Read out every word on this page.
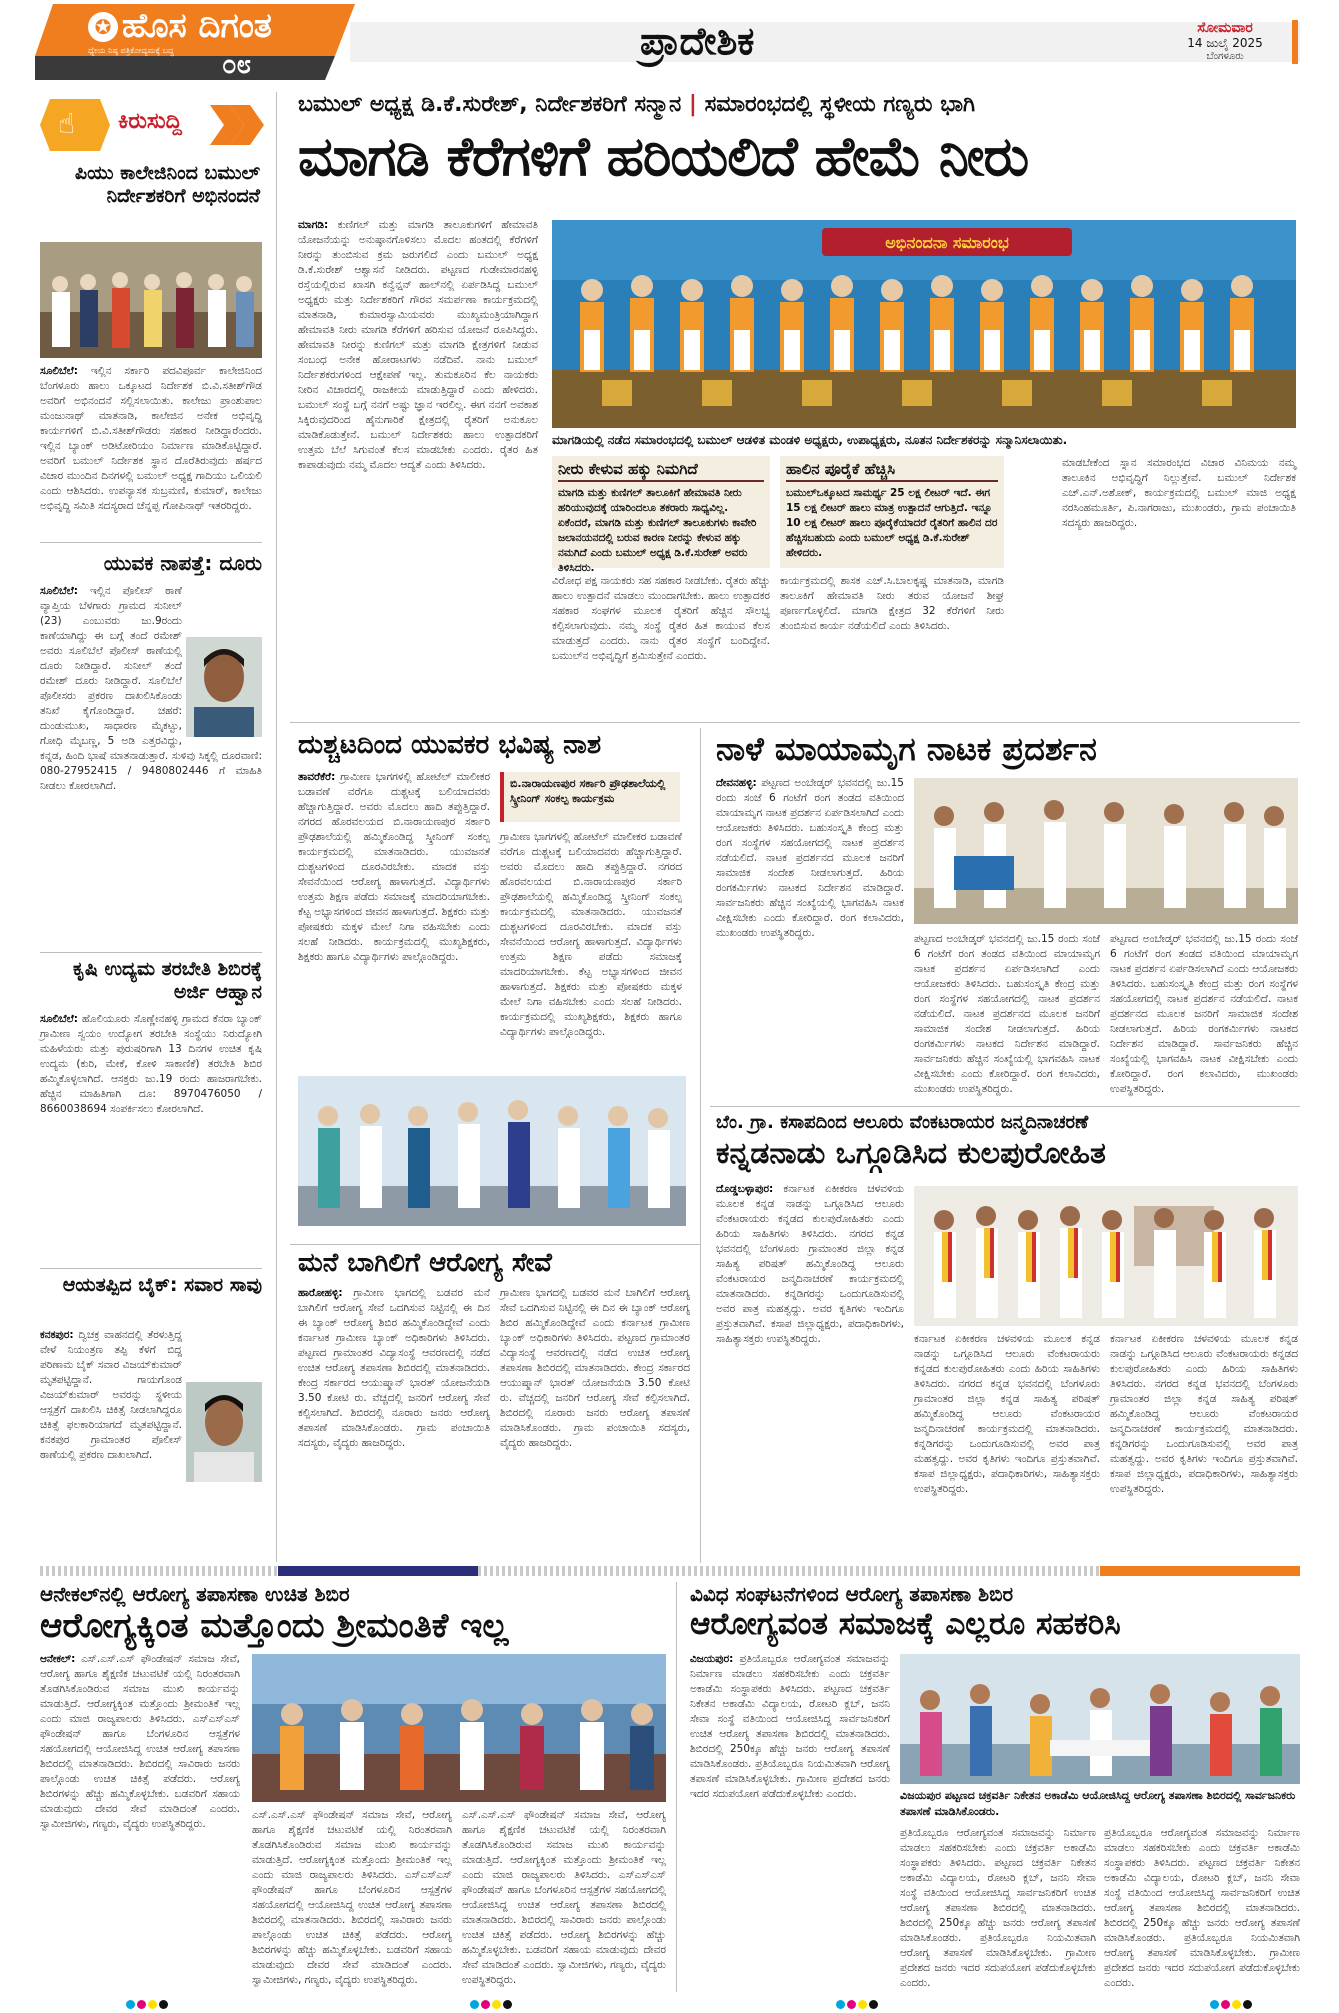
✪ ಹೊಸ ದಿಗಂತ
ಧ್ಯೇಯ ನಿಷ್ಠ ಪತ್ರಿಕೋದ್ಯಮಕ್ಕೆ ಬದ್ಧ ೦೮
ಪ್ರಾದೇಶಿಕ	ಸೋಮವಾರ
14 ಜುಲೈ 2025
ಬೆಂಗಳೂರು
☝ ಕಿರುಸುದ್ದಿ
ಪಿಯು ಕಾಲೇಜಿನಿಂದ ಬಮುಲ್ ನಿರ್ದೇಶಕರಿಗೆ ಅಭಿನಂದನೆ
ಸೂಲಿಬೆಲೆ: ಇಲ್ಲಿನ ಸರ್ಕಾರಿ ಪದವಿಪೂರ್ವ ಕಾಲೇಜಿನಿಂದ ಬೆಂಗಳೂರು ಹಾಲು ಒಕ್ಕೂಟದ ನಿರ್ದೇಶಕ ಬಿ.ವಿ.ಸತೀಶ್‌ಗೌಡ ಅವರಿಗೆ ಅಭಿನಂದನೆ ಸಲ್ಲಿಸಲಾಯಿತು. ಕಾಲೇಜು ಪ್ರಾಂಶುಪಾಲ ಮಂಜುನಾಥ್ ಮಾತನಾಡಿ, ಕಾಲೇಜಿನ ಅನೇಕ ಅಭಿವೃದ್ಧಿ ಕಾರ್ಯಗಳಿಗೆ ಬಿ.ವಿ.ಸತೀಶ್‌ಗೌಡರು ಸಹಕಾರ ನೀಡಿದ್ದಾರೆಂದರು. ಇಲ್ಲಿನ ಬ್ಯಾಂಕ್ ಅಡಿಟೋರಿಯಂ ನಿರ್ಮಾಣ ಮಾಡಿಕೊಟ್ಟಿದ್ದಾರೆ. ಅವರಿಗೆ ಬಮುಲ್ ನಿರ್ದೇಶಕ ಸ್ಥಾನ ದೊರೆತಿರುವುದು ಹರ್ಷದ ವಿಚಾರ ಮುಂದಿನ ದಿನಗಳಲ್ಲಿ ಬಮುಲ್ ಅಧ್ಯಕ್ಷ ಗಾದಿಯು ಒಲಿಯಲಿ ಎಂದು ಆಶಿಸಿದರು. ಉಪನ್ಯಾಸಕ ಸುಬ್ರಮಣಿ, ಕುಮಾರ್, ಕಾಲೇಜು ಅಭಿವೃದ್ಧಿ ಸಮಿತಿ ಸದಸ್ಯರಾದ ಚೆನ್ನಪ್ಪ ಗೋಪಿನಾಥ್ ಇತರರಿದ್ದರು.
ಯುವಕ ನಾಪತ್ತೆ: ದೂರು
ಸೂಲಿಬೆಲೆ: ಇಲ್ಲಿನ ಪೊಲೀಸ್ ಠಾಣೆ ವ್ಯಾಪ್ತಿಯ ಬೆಳಗಾರು ಗ್ರಾಮದ ಸುನೀಲ್ (23) ಎಂಬುವರು ಜು.9ರಂದು ಕಾಣೆಯಾಗಿದ್ದು ಈ ಬಗ್ಗೆ ತಂದೆ ರಮೇಶ್ ಅವರು ಸೂಲಿಬೆಲೆ ಪೊಲೀಸ್ ಠಾಣೆಯಲ್ಲಿ ದೂರು ನೀಡಿದ್ದಾರೆ. ಸುನೀಲ್ ತಂದೆ ರಮೇಶ್ ದೂರು ನೀಡಿದ್ದಾರೆ. ಸೂಲಿಬೆಲೆ ಪೊಲೀಸರು ಪ್ರಕರಣ ದಾಖಲಿಸಿಕೊಂಡು ತನಿಖೆ ಕೈಗೊಂಡಿದ್ದಾರೆ. ಚಹರೆ: ದುಂಡುಮುಖ, ಸಾಧಾರಣ ಮೈಕಟ್ಟು, ಗೋಧಿ ಮೈಬಣ್ಣ, 5 ಅಡಿ ಎತ್ತರವಿದ್ದು, ಕನ್ನಡ, ಹಿಂದಿ ಭಾಷೆ ಮಾತನಾಡುತ್ತಾರೆ. ಸುಳಿವು ಸಿಕ್ಕಲ್ಲಿ ದೂರವಾಣಿ: 080-27952415 / 9480802446 ಗೆ ಮಾಹಿತಿ ನೀಡಲು ಕೋರಲಾಗಿದೆ.
ಕೃಷಿ ಉದ್ಯಮ ತರಬೇತಿ ಶಿಬಿರಕ್ಕೆ ಅರ್ಜಿ ಆಹ್ವಾನ
ಸೂಲಿಬೆಲೆ: ಹೊಲಿಯೂರು ಸೊಣ್ಣೇನಹಳ್ಳಿ ಗ್ರಾಮದ ಕೆನರಾ ಬ್ಯಾಂಕ್ ಗ್ರಾಮೀಣ ಸ್ವಯಂ ಉದ್ಯೋಗ ತರಬೇತಿ ಸಂಸ್ಥೆಯು ನಿರುದ್ಯೋಗಿ ಮಹಿಳೆಯರು ಮತ್ತು ಪುರುಷರಿಗಾಗಿ 13 ದಿನಗಳ ಉಚಿತ ಕೃಷಿ ಉದ್ಯಮ (ಕುರಿ, ಮೇಕೆ, ಕೋಳಿ ಸಾಕಾಣಿಕೆ) ತರಬೇತಿ ಶಿಬಿರ ಹಮ್ಮಿಕೊಳ್ಳಲಾಗಿದೆ. ಆಸಕ್ತರು ಜು.19 ರಂದು ಹಾಜರಾಗಬೇಕು. ಹೆಚ್ಚಿನ ಮಾಹಿತಿಗಾಗಿ ದೂ: 8970476050 / 8660038694 ಸಂಪರ್ಕಿಸಲು ಕೋರಲಾಗಿದೆ.
ಆಯತಪ್ಪಿದ ಬೈಕ್: ಸವಾರ ಸಾವು
ಕನಕಪುರ: ದ್ವಿಚಕ್ರ ವಾಹನದಲ್ಲಿ ತೆರಳುತ್ತಿದ್ದ ವೇಳೆ ನಿಯಂತ್ರಣ ತಪ್ಪಿ ಕೆಳಗೆ ಬಿದ್ದ ಪರಿಣಾಮ ಬೈಕ್ ಸವಾರ ವಿಜಯ್‌ಕುಮಾರ್ ಮೃತಪಟ್ಟಿದ್ದಾನೆ. ಗಾಯಗೊಂಡ ವಿಜಯ್‌ಕುಮಾರ್ ಅವರನ್ನು ಸ್ಥಳೀಯ ಆಸ್ಪತ್ರೆಗೆ ದಾಖಲಿಸಿ ಚಿಕಿತ್ಸೆ ನೀಡಲಾಗಿದ್ದರೂ ಚಿಕಿತ್ಸೆ ಫಲಕಾರಿಯಾಗದೆ ಮೃತಪಟ್ಟಿದ್ದಾನೆ. ಕನಕಪುರ ಗ್ರಾಮಾಂತರ ಪೊಲೀಸ್ ಠಾಣೆಯಲ್ಲಿ ಪ್ರಕರಣ ದಾಖಲಾಗಿದೆ.
ಬಮುಲ್ ಅಧ್ಯಕ್ಷ ಡಿ.ಕೆ.ಸುರೇಶ್, ನಿರ್ದೇಶಕರಿಗೆ ಸನ್ಮಾನ | ಸಮಾರಂಭದಲ್ಲಿ ಸ್ಥಳೀಯ ಗಣ್ಯರು ಭಾಗಿ
ಮಾಗಡಿ ಕೆರೆಗಳಿಗೆ ಹರಿಯಲಿದೆ ಹೇಮೆ ನೀರು
ಮಾಗಡಿ: ಕುಣಿಗಲ್ ಮತ್ತು ಮಾಗಡಿ ತಾಲೂಕುಗಳಿಗೆ ಹೇಮಾವತಿ ಯೋಜನೆಯನ್ನು ಅನುಷ್ಠಾನಗೊಳಿಸಲು ಮೊದಲ ಹಂತದಲ್ಲಿ ಕೆರೆಗಳಿಗೆ ನೀರನ್ನು ತುಂಬಿಸುವ ಕ್ರಮ ಜರುಗಲಿದೆ ಎಂದು ಬಮುಲ್ ಅಧ್ಯಕ್ಷ ಡಿ.ಕೆ.ಸುರೇಶ್ ಆಶ್ವಾಸನೆ ನೀಡಿದರು. ಪಟ್ಟಣದ ಗುಡೇಮಾರನಹಳ್ಳಿ ರಸ್ತೆಯಲ್ಲಿರುವ ಖಾಸಗಿ ಕನ್ವೆನ್ಷನ್ ಹಾಲ್‌ನಲ್ಲಿ ಏರ್ಪಡಿಸಿದ್ದ ಬಮುಲ್ ಅಧ್ಯಕ್ಷರು ಮತ್ತು ನಿರ್ದೇಶಕರಿಗೆ ಗೌರವ ಸಮರ್ಪಣಾ ಕಾರ್ಯಕ್ರಮದಲ್ಲಿ ಮಾತನಾಡಿ, ಕುಮಾರಸ್ವಾಮಿಯವರು ಮುಖ್ಯಮಂತ್ರಿಯಾಗಿದ್ದಾಗ ಹೇಮಾವತಿ ನೀರು ಮಾಗಡಿ ಕೆರೆಗಳಿಗೆ ಹರಿಸುವ ಯೋಜನೆ ರೂಪಿಸಿದ್ದರು. ಹೇಮಾವತಿ ನೀರನ್ನು ಕುಣಿಗಲ್ ಮತ್ತು ಮಾಗಡಿ ಕ್ಷೇತ್ರಗಳಿಗೆ ನೀಡುವ ಸಂಬಂಧ ಅನೇಕ ಹೋರಾಟಗಳು ನಡೆದಿವೆ. ನಾನು ಬಮುಲ್ ನಿರ್ದೇಶಕರುಗಳಿಂದ ಆಕ್ಷೇಪಣೆ ಇಲ್ಲ. ತುಮಕೂರಿನ ಕೆಲ ನಾಯಕರು ನೀರಿನ ವಿಚಾರದಲ್ಲಿ ರಾಜಕೀಯ ಮಾಡುತ್ತಿದ್ದಾರೆ ಎಂದು ಹೇಳಿದರು. ಬಮುಲ್ ಸಂಸ್ಥೆ ಬಗ್ಗೆ ನನಗೆ ಅಷ್ಟು ಜ್ಞಾನ ಇರಲಿಲ್ಲ. ಈಗ ನನಗೆ ಅವಕಾಶ ಸಿಕ್ಕಿರುವುದರಿಂದ ಹೈನುಗಾರಿಕೆ ಕ್ಷೇತ್ರದಲ್ಲಿ ರೈತರಿಗೆ ಅನುಕೂಲ ಮಾಡಿಕೊಡುತ್ತೇನೆ. ಬಮುಲ್ ನಿರ್ದೇಶಕರು ಹಾಲು ಉತ್ಪಾದಕರಿಗೆ ಉತ್ತಮ ಬೆಲೆ ಸಿಗುವಂತೆ ಕೆಲಸ ಮಾಡಬೇಕು ಎಂದರು. ರೈತರ ಹಿತ ಕಾಪಾಡುವುದು ನಮ್ಮ ಮೊದಲ ಆದ್ಯತೆ ಎಂದು ತಿಳಿಸಿದರು.
ಅಭಿನಂದನಾ ಸಮಾರಂಭ
ಮಾಗಡಿಯಲ್ಲಿ ನಡೆದ ಸಮಾರಂಭದಲ್ಲಿ ಬಮುಲ್ ಆಡಳಿತ ಮಂಡಳಿ ಅಧ್ಯಕ್ಷರು, ಉಪಾಧ್ಯಕ್ಷರು, ನೂತನ ನಿರ್ದೇಶಕರನ್ನು ಸನ್ಮಾನಿಸಲಾಯಿತು.
ನೀರು ಕೇಳುವ ಹಕ್ಕು ನಿಮಗಿದೆ
ಮಾಗಡಿ ಮತ್ತು ಕುಣಿಗಲ್ ತಾಲೂಕಿಗೆ ಹೇಮಾವತಿ ನೀರು ಹರಿಯುವುದಕ್ಕೆ ಯಾರಿಂದಲೂ ತಕರಾರು ಸಾಧ್ಯವಿಲ್ಲ. ಏಕೆಂದರೆ, ಮಾಗಡಿ ಮತ್ತು ಕುಣಿಗಲ್ ತಾಲೂಕುಗಳು ಕಾವೇರಿ ಜಲಾನಯನದಲ್ಲಿ ಬರುವ ಕಾರಣ ನೀರನ್ನು ಕೇಳುವ ಹಕ್ಕು ನಮಗಿದೆ ಎಂದು ಬಮುಲ್ ಅಧ್ಯಕ್ಷ ಡಿ.ಕೆ.ಸುರೇಶ್ ಅವರು ತಿಳಿಸಿದರು.
ಹಾಲಿನ ಪೂರೈಕೆ ಹೆಚ್ಚಿಸಿ
ಬಮುಲ್‌ಒಕ್ಕೂಟದ ಸಾಮರ್ಥ್ಯ 25 ಲಕ್ಷ ಲೀಟರ್ ಇದೆ. ಈಗ 15 ಲಕ್ಷ ಲೀಟರ್ ಹಾಲು ಮಾತ್ರ ಉತ್ಪಾದನೆ ಆಗುತ್ತಿದೆ. ಇನ್ನೂ 10 ಲಕ್ಷ ಲೀಟರ್ ಹಾಲು ಪೂರೈಕೆಯಾದರೆ ರೈತರಿಗೆ ಹಾಲಿನ ದರ ಹೆಚ್ಚಿಸಬಹುದು ಎಂದು ಬಮುಲ್ ಅಧ್ಯಕ್ಷ ಡಿ.ಕೆ.ಸುರೇಶ್ ಹೇಳಿದರು.
ವಿರೋಧ ಪಕ್ಷ ನಾಯಕರು ಸಹ ಸಹಕಾರ ನೀಡಬೇಕು. ರೈತರು ಹೆಚ್ಚು ಹಾಲು ಉತ್ಪಾದನೆ ಮಾಡಲು ಮುಂದಾಗಬೇಕು. ಹಾಲು ಉತ್ಪಾದಕರ ಸಹಕಾರ ಸಂಘಗಳ ಮೂಲಕ ರೈತರಿಗೆ ಹೆಚ್ಚಿನ ಸೌಲಭ್ಯ ಕಲ್ಪಿಸಲಾಗುವುದು. ನಮ್ಮ ಸಂಸ್ಥೆ ರೈತರ ಹಿತ ಕಾಯುವ ಕೆಲಸ ಮಾಡುತ್ತದೆ ಎಂದರು. ನಾನು ರೈತರ ಸಂಸ್ಥೆಗೆ ಬಂದಿದ್ದೇನೆ. ಬಮುಲ್‌ನ ಅಭಿವೃದ್ಧಿಗೆ ಶ್ರಮಿಸುತ್ತೇನೆ ಎಂದರು.
ಕಾರ್ಯಕ್ರಮದಲ್ಲಿ ಶಾಸಕ ಎಚ್.ಸಿ.ಬಾಲಕೃಷ್ಣ ಮಾತನಾಡಿ, ಮಾಗಡಿ ತಾಲೂಕಿಗೆ ಹೇಮಾವತಿ ನೀರು ತರುವ ಯೋಜನೆ ಶೀಘ್ರ ಪೂರ್ಣಗೊಳ್ಳಲಿದೆ. ಮಾಗಡಿ ಕ್ಷೇತ್ರದ 32 ಕೆರೆಗಳಿಗೆ ನೀರು ತುಂಬಿಸುವ ಕಾರ್ಯ ನಡೆಯಲಿದೆ ಎಂದು ತಿಳಿಸಿದರು.
ಮಾಡಬೇಕೆಂದ ಸ್ನಾನ ಸಮಾರಂಭದ ವಿಚಾರ ವಿನಿಮಯ ನಮ್ಮ ತಾಲೂಕಿನ ಅಭಿವೃದ್ಧಿಗೆ ನಿಲ್ಲುತ್ತೇವೆ. ಬಮುಲ್ ನಿರ್ದೇಶಕ ಎಚ್.ಎನ್.ಅಶೋಕ್, ಕಾರ್ಯಕ್ರಮದಲ್ಲಿ ಬಮುಲ್ ಮಾಜಿ ಅಧ್ಯಕ್ಷ ನರಸಿಂಹಮೂರ್ತಿ, ಪಿ.ನಾಗರಾಜು, ಮುಖಂಡರು, ಗ್ರಾಮ ಪಂಚಾಯಿತಿ ಸದಸ್ಯರು ಹಾಜರಿದ್ದರು.
ದುಶ್ಚಟದಿಂದ ಯುವಕರ ಭವಿಷ್ಯ ನಾಶ
ತಾವರೆಕೆರೆ: ಗ್ರಾಮೀಣ ಭಾಗಗಳಲ್ಲಿ ಹೋಟೆಲ್ ಮಾಲೀಕರ ಬಡಾವಣೆ ವರೆಗೂ ದುಶ್ಚಟಕ್ಕೆ ಬಲಿಯಾದವರು ಹೆಚ್ಚಾಗುತ್ತಿದ್ದಾರೆ. ಅವರು ಮೊದಲು ಹಾದಿ ತಪ್ಪುತ್ತಿದ್ದಾರೆ. ನಗರದ ಹೊರವಲಯದ ಬಿ.ನಾರಾಯಣಪುರ ಸರ್ಕಾರಿ ಪ್ರೌಢಶಾಲೆಯಲ್ಲಿ ಹಮ್ಮಿಕೊಂಡಿದ್ದ ಸ್ಕ್ರೀನಿಂಗ್ ಸಂಕಲ್ಪ ಕಾರ್ಯಕ್ರಮದಲ್ಲಿ ಮಾತನಾಡಿದರು. ಯುವಜನತೆ ದುಶ್ಚಟಗಳಿಂದ ದೂರವಿರಬೇಕು. ಮಾದಕ ವಸ್ತು ಸೇವನೆಯಿಂದ ಆರೋಗ್ಯ ಹಾಳಾಗುತ್ತದೆ. ವಿದ್ಯಾರ್ಥಿಗಳು ಉತ್ತಮ ಶಿಕ್ಷಣ ಪಡೆದು ಸಮಾಜಕ್ಕೆ ಮಾದರಿಯಾಗಬೇಕು. ಕೆಟ್ಟ ಅಭ್ಯಾಸಗಳಿಂದ ಜೀವನ ಹಾಳಾಗುತ್ತದೆ. ಶಿಕ್ಷಕರು ಮತ್ತು ಪೋಷಕರು ಮಕ್ಕಳ ಮೇಲೆ ನಿಗಾ ವಹಿಸಬೇಕು ಎಂದು ಸಲಹೆ ನೀಡಿದರು. ಕಾರ್ಯಕ್ರಮದಲ್ಲಿ ಮುಖ್ಯಶಿಕ್ಷಕರು, ಶಿಕ್ಷಕರು ಹಾಗೂ ವಿದ್ಯಾರ್ಥಿಗಳು ಪಾಲ್ಗೊಂಡಿದ್ದರು.
ಬಿ.ನಾರಾಯಣಪುರ ಸರ್ಕಾರಿ ಪ್ರೌಢಶಾಲೆಯಲ್ಲಿ ಸ್ಕ್ರೀನಿಂಗ್ ಸಂಕಲ್ಪ ಕಾರ್ಯಕ್ರಮ
ಗ್ರಾಮೀಣ ಭಾಗಗಳಲ್ಲಿ ಹೋಟೆಲ್ ಮಾಲೀಕರ ಬಡಾವಣೆ ವರೆಗೂ ದುಶ್ಚಟಕ್ಕೆ ಬಲಿಯಾದವರು ಹೆಚ್ಚಾಗುತ್ತಿದ್ದಾರೆ. ಅವರು ಮೊದಲು ಹಾದಿ ತಪ್ಪುತ್ತಿದ್ದಾರೆ. ನಗರದ ಹೊರವಲಯದ ಬಿ.ನಾರಾಯಣಪುರ ಸರ್ಕಾರಿ ಪ್ರೌಢಶಾಲೆಯಲ್ಲಿ ಹಮ್ಮಿಕೊಂಡಿದ್ದ ಸ್ಕ್ರೀನಿಂಗ್ ಸಂಕಲ್ಪ ಕಾರ್ಯಕ್ರಮದಲ್ಲಿ ಮಾತನಾಡಿದರು. ಯುವಜನತೆ ದುಶ್ಚಟಗಳಿಂದ ದೂರವಿರಬೇಕು. ಮಾದಕ ವಸ್ತು ಸೇವನೆಯಿಂದ ಆರೋಗ್ಯ ಹಾಳಾಗುತ್ತದೆ. ವಿದ್ಯಾರ್ಥಿಗಳು ಉತ್ತಮ ಶಿಕ್ಷಣ ಪಡೆದು ಸಮಾಜಕ್ಕೆ ಮಾದರಿಯಾಗಬೇಕು. ಕೆಟ್ಟ ಅಭ್ಯಾಸಗಳಿಂದ ಜೀವನ ಹಾಳಾಗುತ್ತದೆ. ಶಿಕ್ಷಕರು ಮತ್ತು ಪೋಷಕರು ಮಕ್ಕಳ ಮೇಲೆ ನಿಗಾ ವಹಿಸಬೇಕು ಎಂದು ಸಲಹೆ ನೀಡಿದರು. ಕಾರ್ಯಕ್ರಮದಲ್ಲಿ ಮುಖ್ಯಶಿಕ್ಷಕರು, ಶಿಕ್ಷಕರು ಹಾಗೂ ವಿದ್ಯಾರ್ಥಿಗಳು ಪಾಲ್ಗೊಂಡಿದ್ದರು.
ಮನೆ ಬಾಗಿಲಿಗೆ ಆರೋಗ್ಯ ಸೇವೆ
ಹಾರೋಹಳ್ಳಿ: ಗ್ರಾಮೀಣ ಭಾಗದಲ್ಲಿ ಬಡವರ ಮನೆ ಬಾಗಿಲಿಗೆ ಆರೋಗ್ಯ ಸೇವೆ ಒದಗಿಸುವ ನಿಟ್ಟಿನಲ್ಲಿ ಈ ದಿನ ಈ ಬ್ಯಾಂಕ್ ಆರೋಗ್ಯ ಶಿಬಿರ ಹಮ್ಮಿಕೊಂಡಿದ್ದೇವೆ ಎಂದು ಕರ್ನಾಟಕ ಗ್ರಾಮೀಣ ಬ್ಯಾಂಕ್ ಅಧಿಕಾರಿಗಳು ತಿಳಿಸಿದರು. ಪಟ್ಟಣದ ಗ್ರಾಮಾಂತರ ವಿದ್ಯಾಸಂಸ್ಥೆ ಆವರಣದಲ್ಲಿ ನಡೆದ ಉಚಿತ ಆರೋಗ್ಯ ತಪಾಸಣಾ ಶಿಬಿರದಲ್ಲಿ ಮಾತನಾಡಿದರು. ಕೇಂದ್ರ ಸರ್ಕಾರದ ಆಯುಷ್ಮಾನ್ ಭಾರತ್ ಯೋಜನೆಯಡಿ 3.50 ಕೋಟಿ ರು. ವೆಚ್ಚದಲ್ಲಿ ಜನರಿಗೆ ಆರೋಗ್ಯ ಸೇವೆ ಕಲ್ಪಿಸಲಾಗಿದೆ. ಶಿಬಿರದಲ್ಲಿ ನೂರಾರು ಜನರು ಆರೋಗ್ಯ ತಪಾಸಣೆ ಮಾಡಿಸಿಕೊಂಡರು. ಗ್ರಾಮ ಪಂಚಾಯಿತಿ ಸದಸ್ಯರು, ವೈದ್ಯರು ಹಾಜರಿದ್ದರು.
ಗ್ರಾಮೀಣ ಭಾಗದಲ್ಲಿ ಬಡವರ ಮನೆ ಬಾಗಿಲಿಗೆ ಆರೋಗ್ಯ ಸೇವೆ ಒದಗಿಸುವ ನಿಟ್ಟಿನಲ್ಲಿ ಈ ದಿನ ಈ ಬ್ಯಾಂಕ್ ಆರೋಗ್ಯ ಶಿಬಿರ ಹಮ್ಮಿಕೊಂಡಿದ್ದೇವೆ ಎಂದು ಕರ್ನಾಟಕ ಗ್ರಾಮೀಣ ಬ್ಯಾಂಕ್ ಅಧಿಕಾರಿಗಳು ತಿಳಿಸಿದರು. ಪಟ್ಟಣದ ಗ್ರಾಮಾಂತರ ವಿದ್ಯಾಸಂಸ್ಥೆ ಆವರಣದಲ್ಲಿ ನಡೆದ ಉಚಿತ ಆರೋಗ್ಯ ತಪಾಸಣಾ ಶಿಬಿರದಲ್ಲಿ ಮಾತನಾಡಿದರು. ಕೇಂದ್ರ ಸರ್ಕಾರದ ಆಯುಷ್ಮಾನ್ ಭಾರತ್ ಯೋಜನೆಯಡಿ 3.50 ಕೋಟಿ ರು. ವೆಚ್ಚದಲ್ಲಿ ಜನರಿಗೆ ಆರೋಗ್ಯ ಸೇವೆ ಕಲ್ಪಿಸಲಾಗಿದೆ. ಶಿಬಿರದಲ್ಲಿ ನೂರಾರು ಜನರು ಆರೋಗ್ಯ ತಪಾಸಣೆ ಮಾಡಿಸಿಕೊಂಡರು. ಗ್ರಾಮ ಪಂಚಾಯಿತಿ ಸದಸ್ಯರು, ವೈದ್ಯರು ಹಾಜರಿದ್ದರು.
ನಾಳೆ ಮಾಯಾಮೃಗ ನಾಟಕ ಪ್ರದರ್ಶನ
ದೇವನಹಳ್ಳಿ: ಪಟ್ಟಣದ ಅಂಬೇಡ್ಕರ್ ಭವನದಲ್ಲಿ ಜು.15 ರಂದು ಸಂಜೆ 6 ಗಂಟೆಗೆ ರಂಗ ತಂಡದ ವತಿಯಿಂದ ಮಾಯಾಮೃಗ ನಾಟಕ ಪ್ರದರ್ಶನ ಏರ್ಪಡಿಸಲಾಗಿದೆ ಎಂದು ಆಯೋಜಕರು ತಿಳಿಸಿದರು. ಬಹುಸಂಸ್ಕೃತಿ ಕೇಂದ್ರ ಮತ್ತು ರಂಗ ಸಂಸ್ಥೆಗಳ ಸಹಯೋಗದಲ್ಲಿ ನಾಟಕ ಪ್ರದರ್ಶನ ನಡೆಯಲಿದೆ. ನಾಟಕ ಪ್ರದರ್ಶನದ ಮೂಲಕ ಜನರಿಗೆ ಸಾಮಾಜಿಕ ಸಂದೇಶ ನೀಡಲಾಗುತ್ತದೆ. ಹಿರಿಯ ರಂಗಕರ್ಮಿಗಳು ನಾಟಕದ ನಿರ್ದೇಶನ ಮಾಡಿದ್ದಾರೆ. ಸಾರ್ವಜನಿಕರು ಹೆಚ್ಚಿನ ಸಂಖ್ಯೆಯಲ್ಲಿ ಭಾಗವಹಿಸಿ ನಾಟಕ ವೀಕ್ಷಿಸಬೇಕು ಎಂದು ಕೋರಿದ್ದಾರೆ. ರಂಗ ಕಲಾವಿದರು, ಮುಖಂಡರು ಉಪಸ್ಥಿತರಿದ್ದರು.	ಪಟ್ಟಣದ ಅಂಬೇಡ್ಕರ್ ಭವನದಲ್ಲಿ ಜು.15 ರಂದು ಸಂಜೆ 6 ಗಂಟೆಗೆ ರಂಗ ತಂಡದ ವತಿಯಿಂದ ಮಾಯಾಮೃಗ ನಾಟಕ ಪ್ರದರ್ಶನ ಏರ್ಪಡಿಸಲಾಗಿದೆ ಎಂದು ಆಯೋಜಕರು ತಿಳಿಸಿದರು. ಬಹುಸಂಸ್ಕೃತಿ ಕೇಂದ್ರ ಮತ್ತು ರಂಗ ಸಂಸ್ಥೆಗಳ ಸಹಯೋಗದಲ್ಲಿ ನಾಟಕ ಪ್ರದರ್ಶನ ನಡೆಯಲಿದೆ. ನಾಟಕ ಪ್ರದರ್ಶನದ ಮೂಲಕ ಜನರಿಗೆ ಸಾಮಾಜಿಕ ಸಂದೇಶ ನೀಡಲಾಗುತ್ತದೆ. ಹಿರಿಯ ರಂಗಕರ್ಮಿಗಳು ನಾಟಕದ ನಿರ್ದೇಶನ ಮಾಡಿದ್ದಾರೆ. ಸಾರ್ವಜನಿಕರು ಹೆಚ್ಚಿನ ಸಂಖ್ಯೆಯಲ್ಲಿ ಭಾಗವಹಿಸಿ ನಾಟಕ ವೀಕ್ಷಿಸಬೇಕು ಎಂದು ಕೋರಿದ್ದಾರೆ. ರಂಗ ಕಲಾವಿದರು, ಮುಖಂಡರು ಉಪಸ್ಥಿತರಿದ್ದರು.
ಪಟ್ಟಣದ ಅಂಬೇಡ್ಕರ್ ಭವನದಲ್ಲಿ ಜು.15 ರಂದು ಸಂಜೆ 6 ಗಂಟೆಗೆ ರಂಗ ತಂಡದ ವತಿಯಿಂದ ಮಾಯಾಮೃಗ ನಾಟಕ ಪ್ರದರ್ಶನ ಏರ್ಪಡಿಸಲಾಗಿದೆ ಎಂದು ಆಯೋಜಕರು ತಿಳಿಸಿದರು. ಬಹುಸಂಸ್ಕೃತಿ ಕೇಂದ್ರ ಮತ್ತು ರಂಗ ಸಂಸ್ಥೆಗಳ ಸಹಯೋಗದಲ್ಲಿ ನಾಟಕ ಪ್ರದರ್ಶನ ನಡೆಯಲಿದೆ. ನಾಟಕ ಪ್ರದರ್ಶನದ ಮೂಲಕ ಜನರಿಗೆ ಸಾಮಾಜಿಕ ಸಂದೇಶ ನೀಡಲಾಗುತ್ತದೆ. ಹಿರಿಯ ರಂಗಕರ್ಮಿಗಳು ನಾಟಕದ ನಿರ್ದೇಶನ ಮಾಡಿದ್ದಾರೆ. ಸಾರ್ವಜನಿಕರು ಹೆಚ್ಚಿನ ಸಂಖ್ಯೆಯಲ್ಲಿ ಭಾಗವಹಿಸಿ ನಾಟಕ ವೀಕ್ಷಿಸಬೇಕು ಎಂದು ಕೋರಿದ್ದಾರೆ. ರಂಗ ಕಲಾವಿದರು, ಮುಖಂಡರು ಉಪಸ್ಥಿತರಿದ್ದರು.
ಬೆಂ. ಗ್ರಾ. ಕಸಾಪದಿಂದ ಆಲೂರು ವೆಂಕಟರಾಯರ ಜನ್ಮದಿನಾಚರಣೆ
ಕನ್ನಡನಾಡು ಒಗ್ಗೂಡಿಸಿದ ಕುಲಪುರೋಹಿತ
ದೊಡ್ಡಬಳ್ಳಾಪುರ: ಕರ್ನಾಟಕ ಏಕೀಕರಣ ಚಳವಳಿಯ ಮೂಲಕ ಕನ್ನಡ ನಾಡನ್ನು ಒಗ್ಗೂಡಿಸಿದ ಆಲೂರು ವೆಂಕಟರಾಯರು ಕನ್ನಡದ ಕುಲಪುರೋಹಿತರು ಎಂದು ಹಿರಿಯ ಸಾಹಿತಿಗಳು ತಿಳಿಸಿದರು. ನಗರದ ಕನ್ನಡ ಭವನದಲ್ಲಿ ಬೆಂಗಳೂರು ಗ್ರಾಮಾಂತರ ಜಿಲ್ಲಾ ಕನ್ನಡ ಸಾಹಿತ್ಯ ಪರಿಷತ್ ಹಮ್ಮಿಕೊಂಡಿದ್ದ ಆಲೂರು ವೆಂಕಟರಾಯರ ಜನ್ಮದಿನಾಚರಣೆ ಕಾರ್ಯಕ್ರಮದಲ್ಲಿ ಮಾತನಾಡಿದರು. ಕನ್ನಡಿಗರನ್ನು ಒಂದುಗೂಡಿಸುವಲ್ಲಿ ಅವರ ಪಾತ್ರ ಮಹತ್ವದ್ದು. ಅವರ ಕೃತಿಗಳು ಇಂದಿಗೂ ಪ್ರಸ್ತುತವಾಗಿವೆ. ಕಸಾಪ ಜಿಲ್ಲಾಧ್ಯಕ್ಷರು, ಪದಾಧಿಕಾರಿಗಳು, ಸಾಹಿತ್ಯಾಸಕ್ತರು ಉಪಸ್ಥಿತರಿದ್ದರು.	ಕರ್ನಾಟಕ ಏಕೀಕರಣ ಚಳವಳಿಯ ಮೂಲಕ ಕನ್ನಡ ನಾಡನ್ನು ಒಗ್ಗೂಡಿಸಿದ ಆಲೂರು ವೆಂಕಟರಾಯರು ಕನ್ನಡದ ಕುಲಪುರೋಹಿತರು ಎಂದು ಹಿರಿಯ ಸಾಹಿತಿಗಳು ತಿಳಿಸಿದರು. ನಗರದ ಕನ್ನಡ ಭವನದಲ್ಲಿ ಬೆಂಗಳೂರು ಗ್ರಾಮಾಂತರ ಜಿಲ್ಲಾ ಕನ್ನಡ ಸಾಹಿತ್ಯ ಪರಿಷತ್ ಹಮ್ಮಿಕೊಂಡಿದ್ದ ಆಲೂರು ವೆಂಕಟರಾಯರ ಜನ್ಮದಿನಾಚರಣೆ ಕಾರ್ಯಕ್ರಮದಲ್ಲಿ ಮಾತನಾಡಿದರು. ಕನ್ನಡಿಗರನ್ನು ಒಂದುಗೂಡಿಸುವಲ್ಲಿ ಅವರ ಪಾತ್ರ ಮಹತ್ವದ್ದು. ಅವರ ಕೃತಿಗಳು ಇಂದಿಗೂ ಪ್ರಸ್ತುತವಾಗಿವೆ. ಕಸಾಪ ಜಿಲ್ಲಾಧ್ಯಕ್ಷರು, ಪದಾಧಿಕಾರಿಗಳು, ಸಾಹಿತ್ಯಾಸಕ್ತರು ಉಪಸ್ಥಿತರಿದ್ದರು.
ಕರ್ನಾಟಕ ಏಕೀಕರಣ ಚಳವಳಿಯ ಮೂಲಕ ಕನ್ನಡ ನಾಡನ್ನು ಒಗ್ಗೂಡಿಸಿದ ಆಲೂರು ವೆಂಕಟರಾಯರು ಕನ್ನಡದ ಕುಲಪುರೋಹಿತರು ಎಂದು ಹಿರಿಯ ಸಾಹಿತಿಗಳು ತಿಳಿಸಿದರು. ನಗರದ ಕನ್ನಡ ಭವನದಲ್ಲಿ ಬೆಂಗಳೂರು ಗ್ರಾಮಾಂತರ ಜಿಲ್ಲಾ ಕನ್ನಡ ಸಾಹಿತ್ಯ ಪರಿಷತ್ ಹಮ್ಮಿಕೊಂಡಿದ್ದ ಆಲೂರು ವೆಂಕಟರಾಯರ ಜನ್ಮದಿನಾಚರಣೆ ಕಾರ್ಯಕ್ರಮದಲ್ಲಿ ಮಾತನಾಡಿದರು. ಕನ್ನಡಿಗರನ್ನು ಒಂದುಗೂಡಿಸುವಲ್ಲಿ ಅವರ ಪಾತ್ರ ಮಹತ್ವದ್ದು. ಅವರ ಕೃತಿಗಳು ಇಂದಿಗೂ ಪ್ರಸ್ತುತವಾಗಿವೆ. ಕಸಾಪ ಜಿಲ್ಲಾಧ್ಯಕ್ಷರು, ಪದಾಧಿಕಾರಿಗಳು, ಸಾಹಿತ್ಯಾಸಕ್ತರು ಉಪಸ್ಥಿತರಿದ್ದರು.
ಆನೇಕಲ್‌ನಲ್ಲಿ ಆರೋಗ್ಯ ತಪಾಸಣಾ ಉಚಿತ ಶಿಬಿರ
ಆರೋಗ್ಯಕ್ಕಿಂತ ಮತ್ತೊಂದು ಶ್ರೀಮಂತಿಕೆ ಇಲ್ಲ
ಆನೇಕಲ್: ಎಸ್.ಎಸ್.ಎಸ್ ಫೌಂಡೇಷನ್ ಸಮಾಜ ಸೇವೆ, ಆರೋಗ್ಯ ಹಾಗೂ ಶೈಕ್ಷಣಿಕ ಚಟುವಟಿಕೆ ಯಲ್ಲಿ ನಿರಂತರವಾಗಿ ತೊಡಗಿಸಿಕೊಂಡಿರುವ ಸಮಾಜ ಮುಖಿ ಕಾರ್ಯವನ್ನು ಮಾಡುತ್ತಿದೆ. ಆರೋಗ್ಯಕ್ಕಿಂತ ಮತ್ತೊಂದು ಶ್ರೀಮಂತಿಕೆ ಇಲ್ಲ ಎಂದು ಮಾಜಿ ರಾಜ್ಯಪಾಲರು ತಿಳಿಸಿದರು. ಎಸ್‌ಎಸ್‌ಎಸ್ ಫೌಂಡೇಷನ್ ಹಾಗೂ ಬೆಂಗಳೂರಿನ ಆಸ್ಪತ್ರೆಗಳ ಸಹಯೋಗದಲ್ಲಿ ಆಯೋಜಿಸಿದ್ದ ಉಚಿತ ಆರೋಗ್ಯ ತಪಾಸಣಾ ಶಿಬಿರದಲ್ಲಿ ಮಾತನಾಡಿದರು. ಶಿಬಿರದಲ್ಲಿ ಸಾವಿರಾರು ಜನರು ಪಾಲ್ಗೊಂಡು ಉಚಿತ ಚಿಕಿತ್ಸೆ ಪಡೆದರು. ಆರೋಗ್ಯ ಶಿಬಿರಗಳನ್ನು ಹೆಚ್ಚು ಹಮ್ಮಿಕೊಳ್ಳಬೇಕು. ಬಡವರಿಗೆ ಸಹಾಯ ಮಾಡುವುದು ದೇವರ ಸೇವೆ ಮಾಡಿದಂತೆ ಎಂದರು. ಸ್ವಾಮೀಜಿಗಳು, ಗಣ್ಯರು, ವೈದ್ಯರು ಉಪಸ್ಥಿತರಿದ್ದರು.
ಎಸ್.ಎಸ್.ಎಸ್ ಫೌಂಡೇಷನ್ ಸಮಾಜ ಸೇವೆ, ಆರೋಗ್ಯ ಹಾಗೂ ಶೈಕ್ಷಣಿಕ ಚಟುವಟಿಕೆ ಯಲ್ಲಿ ನಿರಂತರವಾಗಿ ತೊಡಗಿಸಿಕೊಂಡಿರುವ ಸಮಾಜ ಮುಖಿ ಕಾರ್ಯವನ್ನು ಮಾಡುತ್ತಿದೆ. ಆರೋಗ್ಯಕ್ಕಿಂತ ಮತ್ತೊಂದು ಶ್ರೀಮಂತಿಕೆ ಇಲ್ಲ ಎಂದು ಮಾಜಿ ರಾಜ್ಯಪಾಲರು ತಿಳಿಸಿದರು. ಎಸ್‌ಎಸ್‌ಎಸ್ ಫೌಂಡೇಷನ್ ಹಾಗೂ ಬೆಂಗಳೂರಿನ ಆಸ್ಪತ್ರೆಗಳ ಸಹಯೋಗದಲ್ಲಿ ಆಯೋಜಿಸಿದ್ದ ಉಚಿತ ಆರೋಗ್ಯ ತಪಾಸಣಾ ಶಿಬಿರದಲ್ಲಿ ಮಾತನಾಡಿದರು. ಶಿಬಿರದಲ್ಲಿ ಸಾವಿರಾರು ಜನರು ಪಾಲ್ಗೊಂಡು ಉಚಿತ ಚಿಕಿತ್ಸೆ ಪಡೆದರು. ಆರೋಗ್ಯ ಶಿಬಿರಗಳನ್ನು ಹೆಚ್ಚು ಹಮ್ಮಿಕೊಳ್ಳಬೇಕು. ಬಡವರಿಗೆ ಸಹಾಯ ಮಾಡುವುದು ದೇವರ ಸೇವೆ ಮಾಡಿದಂತೆ ಎಂದರು. ಸ್ವಾಮೀಜಿಗಳು, ಗಣ್ಯರು, ವೈದ್ಯರು ಉಪಸ್ಥಿತರಿದ್ದರು.
ಎಸ್.ಎಸ್.ಎಸ್ ಫೌಂಡೇಷನ್ ಸಮಾಜ ಸೇವೆ, ಆರೋಗ್ಯ ಹಾಗೂ ಶೈಕ್ಷಣಿಕ ಚಟುವಟಿಕೆ ಯಲ್ಲಿ ನಿರಂತರವಾಗಿ ತೊಡಗಿಸಿಕೊಂಡಿರುವ ಸಮಾಜ ಮುಖಿ ಕಾರ್ಯವನ್ನು ಮಾಡುತ್ತಿದೆ. ಆರೋಗ್ಯಕ್ಕಿಂತ ಮತ್ತೊಂದು ಶ್ರೀಮಂತಿಕೆ ಇಲ್ಲ ಎಂದು ಮಾಜಿ ರಾಜ್ಯಪಾಲರು ತಿಳಿಸಿದರು. ಎಸ್‌ಎಸ್‌ಎಸ್ ಫೌಂಡೇಷನ್ ಹಾಗೂ ಬೆಂಗಳೂರಿನ ಆಸ್ಪತ್ರೆಗಳ ಸಹಯೋಗದಲ್ಲಿ ಆಯೋಜಿಸಿದ್ದ ಉಚಿತ ಆರೋಗ್ಯ ತಪಾಸಣಾ ಶಿಬಿರದಲ್ಲಿ ಮಾತನಾಡಿದರು. ಶಿಬಿರದಲ್ಲಿ ಸಾವಿರಾರು ಜನರು ಪಾಲ್ಗೊಂಡು ಉಚಿತ ಚಿಕಿತ್ಸೆ ಪಡೆದರು. ಆರೋಗ್ಯ ಶಿಬಿರಗಳನ್ನು ಹೆಚ್ಚು ಹಮ್ಮಿಕೊಳ್ಳಬೇಕು. ಬಡವರಿಗೆ ಸಹಾಯ ಮಾಡುವುದು ದೇವರ ಸೇವೆ ಮಾಡಿದಂತೆ ಎಂದರು. ಸ್ವಾಮೀಜಿಗಳು, ಗಣ್ಯರು, ವೈದ್ಯರು ಉಪಸ್ಥಿತರಿದ್ದರು.
ವಿವಿಧ ಸಂಘಟನೆಗಳಿಂದ ಆರೋಗ್ಯ ತಪಾಸಣಾ ಶಿಬಿರ
ಆರೋಗ್ಯವಂತ ಸಮಾಜಕ್ಕೆ ಎಲ್ಲರೂ ಸಹಕರಿಸಿ
ವಿಜಯಪುರ: ಪ್ರತಿಯೊಬ್ಬರೂ ಆರೋಗ್ಯವಂತ ಸಮಾಜವನ್ನು ನಿರ್ಮಾಣ ಮಾಡಲು ಸಹಕರಿಸಬೇಕು ಎಂದು ಚಕ್ರವರ್ತಿ ಅಕಾಡೆಮಿ ಸಂಸ್ಥಾಪಕರು ತಿಳಿಸಿದರು. ಪಟ್ಟಣದ ಚಕ್ರವರ್ತಿ ನಿಕೇತನ ಅಕಾಡೆಮಿ ವಿದ್ಯಾಲಯ, ರೋಟರಿ ಕ್ಲಬ್, ಜನನಿ ಸೇವಾ ಸಂಸ್ಥೆ ವತಿಯಿಂದ ಆಯೋಜಿಸಿದ್ದ ಸಾರ್ವಜನಿಕರಿಗೆ ಉಚಿತ ಆರೋಗ್ಯ ತಪಾಸಣಾ ಶಿಬಿರದಲ್ಲಿ ಮಾತನಾಡಿದರು. ಶಿಬಿರದಲ್ಲಿ 250ಕ್ಕೂ ಹೆಚ್ಚು ಜನರು ಆರೋಗ್ಯ ತಪಾಸಣೆ ಮಾಡಿಸಿಕೊಂಡರು. ಪ್ರತಿಯೊಬ್ಬರೂ ನಿಯಮಿತವಾಗಿ ಆರೋಗ್ಯ ತಪಾಸಣೆ ಮಾಡಿಸಿಕೊಳ್ಳಬೇಕು. ಗ್ರಾಮೀಣ ಪ್ರದೇಶದ ಜನರು ಇದರ ಸದುಪಯೋಗ ಪಡೆದುಕೊಳ್ಳಬೇಕು ಎಂದರು.	ವಿಜಯಪುರ ಪಟ್ಟಣದ ಚಕ್ರವರ್ತಿ ನಿಕೇತನ ಅಕಾಡೆಮಿ ಆಯೋಜಿಸಿದ್ದ ಆರೋಗ್ಯ ತಪಾಸಣಾ ಶಿಬಿರದಲ್ಲಿ ಸಾರ್ವಜನಿಕರು ತಪಾಸಣೆ ಮಾಡಿಸಿಕೊಂಡರು.
ಪ್ರತಿಯೊಬ್ಬರೂ ಆರೋಗ್ಯವಂತ ಸಮಾಜವನ್ನು ನಿರ್ಮಾಣ ಮಾಡಲು ಸಹಕರಿಸಬೇಕು ಎಂದು ಚಕ್ರವರ್ತಿ ಅಕಾಡೆಮಿ ಸಂಸ್ಥಾಪಕರು ತಿಳಿಸಿದರು. ಪಟ್ಟಣದ ಚಕ್ರವರ್ತಿ ನಿಕೇತನ ಅಕಾಡೆಮಿ ವಿದ್ಯಾಲಯ, ರೋಟರಿ ಕ್ಲಬ್, ಜನನಿ ಸೇವಾ ಸಂಸ್ಥೆ ವತಿಯಿಂದ ಆಯೋಜಿಸಿದ್ದ ಸಾರ್ವಜನಿಕರಿಗೆ ಉಚಿತ ಆರೋಗ್ಯ ತಪಾಸಣಾ ಶಿಬಿರದಲ್ಲಿ ಮಾತನಾಡಿದರು. ಶಿಬಿರದಲ್ಲಿ 250ಕ್ಕೂ ಹೆಚ್ಚು ಜನರು ಆರೋಗ್ಯ ತಪಾಸಣೆ ಮಾಡಿಸಿಕೊಂಡರು. ಪ್ರತಿಯೊಬ್ಬರೂ ನಿಯಮಿತವಾಗಿ ಆರೋಗ್ಯ ತಪಾಸಣೆ ಮಾಡಿಸಿಕೊಳ್ಳಬೇಕು. ಗ್ರಾಮೀಣ ಪ್ರದೇಶದ ಜನರು ಇದರ ಸದುಪಯೋಗ ಪಡೆದುಕೊಳ್ಳಬೇಕು ಎಂದರು.
ಪ್ರತಿಯೊಬ್ಬರೂ ಆರೋಗ್ಯವಂತ ಸಮಾಜವನ್ನು ನಿರ್ಮಾಣ ಮಾಡಲು ಸಹಕರಿಸಬೇಕು ಎಂದು ಚಕ್ರವರ್ತಿ ಅಕಾಡೆಮಿ ಸಂಸ್ಥಾಪಕರು ತಿಳಿಸಿದರು. ಪಟ್ಟಣದ ಚಕ್ರವರ್ತಿ ನಿಕೇತನ ಅಕಾಡೆಮಿ ವಿದ್ಯಾಲಯ, ರೋಟರಿ ಕ್ಲಬ್, ಜನನಿ ಸೇವಾ ಸಂಸ್ಥೆ ವತಿಯಿಂದ ಆಯೋಜಿಸಿದ್ದ ಸಾರ್ವಜನಿಕರಿಗೆ ಉಚಿತ ಆರೋಗ್ಯ ತಪಾಸಣಾ ಶಿಬಿರದಲ್ಲಿ ಮಾತನಾಡಿದರು. ಶಿಬಿರದಲ್ಲಿ 250ಕ್ಕೂ ಹೆಚ್ಚು ಜನರು ಆರೋಗ್ಯ ತಪಾಸಣೆ ಮಾಡಿಸಿಕೊಂಡರು. ಪ್ರತಿಯೊಬ್ಬರೂ ನಿಯಮಿತವಾಗಿ ಆರೋಗ್ಯ ತಪಾಸಣೆ ಮಾಡಿಸಿಕೊಳ್ಳಬೇಕು. ಗ್ರಾಮೀಣ ಪ್ರದೇಶದ ಜನರು ಇದರ ಸದುಪಯೋಗ ಪಡೆದುಕೊಳ್ಳಬೇಕು ಎಂದರು.
